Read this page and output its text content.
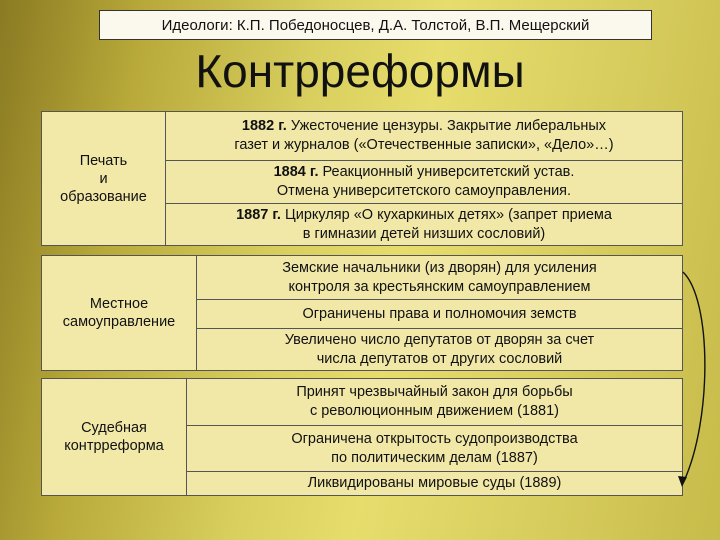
Идеологи: К.П. Победоносцев, Д.А. Толстой, В.П. Мещерский
Контрреформы
Печать
и
образование
1882 г. Ужесточение цензуры. Закрытие либеральных
газет и журналов («Отечественные записки», «Дело»…)
1884 г. Реакционный университетский устав.
Отмена университетского самоуправления.
1887 г. Циркуляр «О кухаркиных детях» (запрет приема
в гимназии детей низших сословий)
Местное
самоуправление
Земские начальники (из дворян) для усиления
контроля за крестьянским самоуправлением
Ограничены права и полномочия земств
Увеличено число депутатов от дворян за счет
числа депутатов от других сословий
Судебная
контрреформа
Принят чрезвычайный закон для борьбы
с революционным движением (1881)
Ограничена открытость судопроизводства
по политическим делам (1887)
Ликвидированы мировые суды (1889)
